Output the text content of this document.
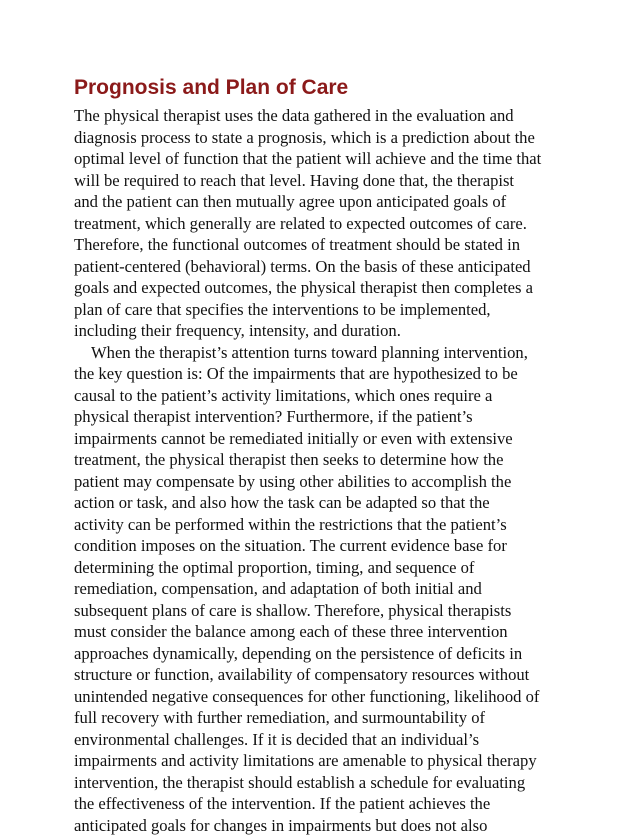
Prognosis and Plan of Care

The physical therapist uses the data gathered in the evaluation and
diagnosis process to state a prognosis, which is a prediction about the
optimal level of function that the patient will achieve and the time that
will be required to reach that level. Having done that, the therapist
and the patient can then mutually agree upon anticipated goals of
treatment, which generally are related to expected outcomes of care.
Therefore, the functional outcomes of treatment should be stated in
patient-centered (behavioral) terms. On the basis of these anticipated
goals and expected outcomes, the physical therapist then completes a
plan of care that specifies the interventions to be implemented,
including their frequency, intensity, and duration.

When the therapist’s attention turns toward planning intervention,
the key question is: Of the impairments that are hypothesized to be
causal to the patient’s activity limitations, which ones require a
physical therapist intervention? Furthermore, if the patient’s
impairments cannot be remediated initially or even with extensive
treatment, the physical therapist then seeks to determine how the
patient may compensate by using other abilities to accomplish the
action or task, and also how the task can be adapted so that the
activity can be performed within the restrictions that the patient’s
condition imposes on the situation. The current evidence base for
determining the optimal proportion, timing, and sequence of
remediation, compensation, and adaptation of both initial and
subsequent plans of care is shallow. Therefore, physical therapists
must consider the balance among each of these three intervention
approaches dynamically, depending on the persistence of deficits in
structure or function, availability of compensatory resources without
unintended negative consequences for other functioning, likelihood of
full recovery with further remediation, and surmountability of
environmental challenges. If it is decided that an individual’s
impairments and activity limitations are amenable to physical therapy
intervention, the therapist should establish a schedule for evaluating
the effectiveness of the intervention. If the patient achieves the
anticipated goals for changes in impairments but does not also
